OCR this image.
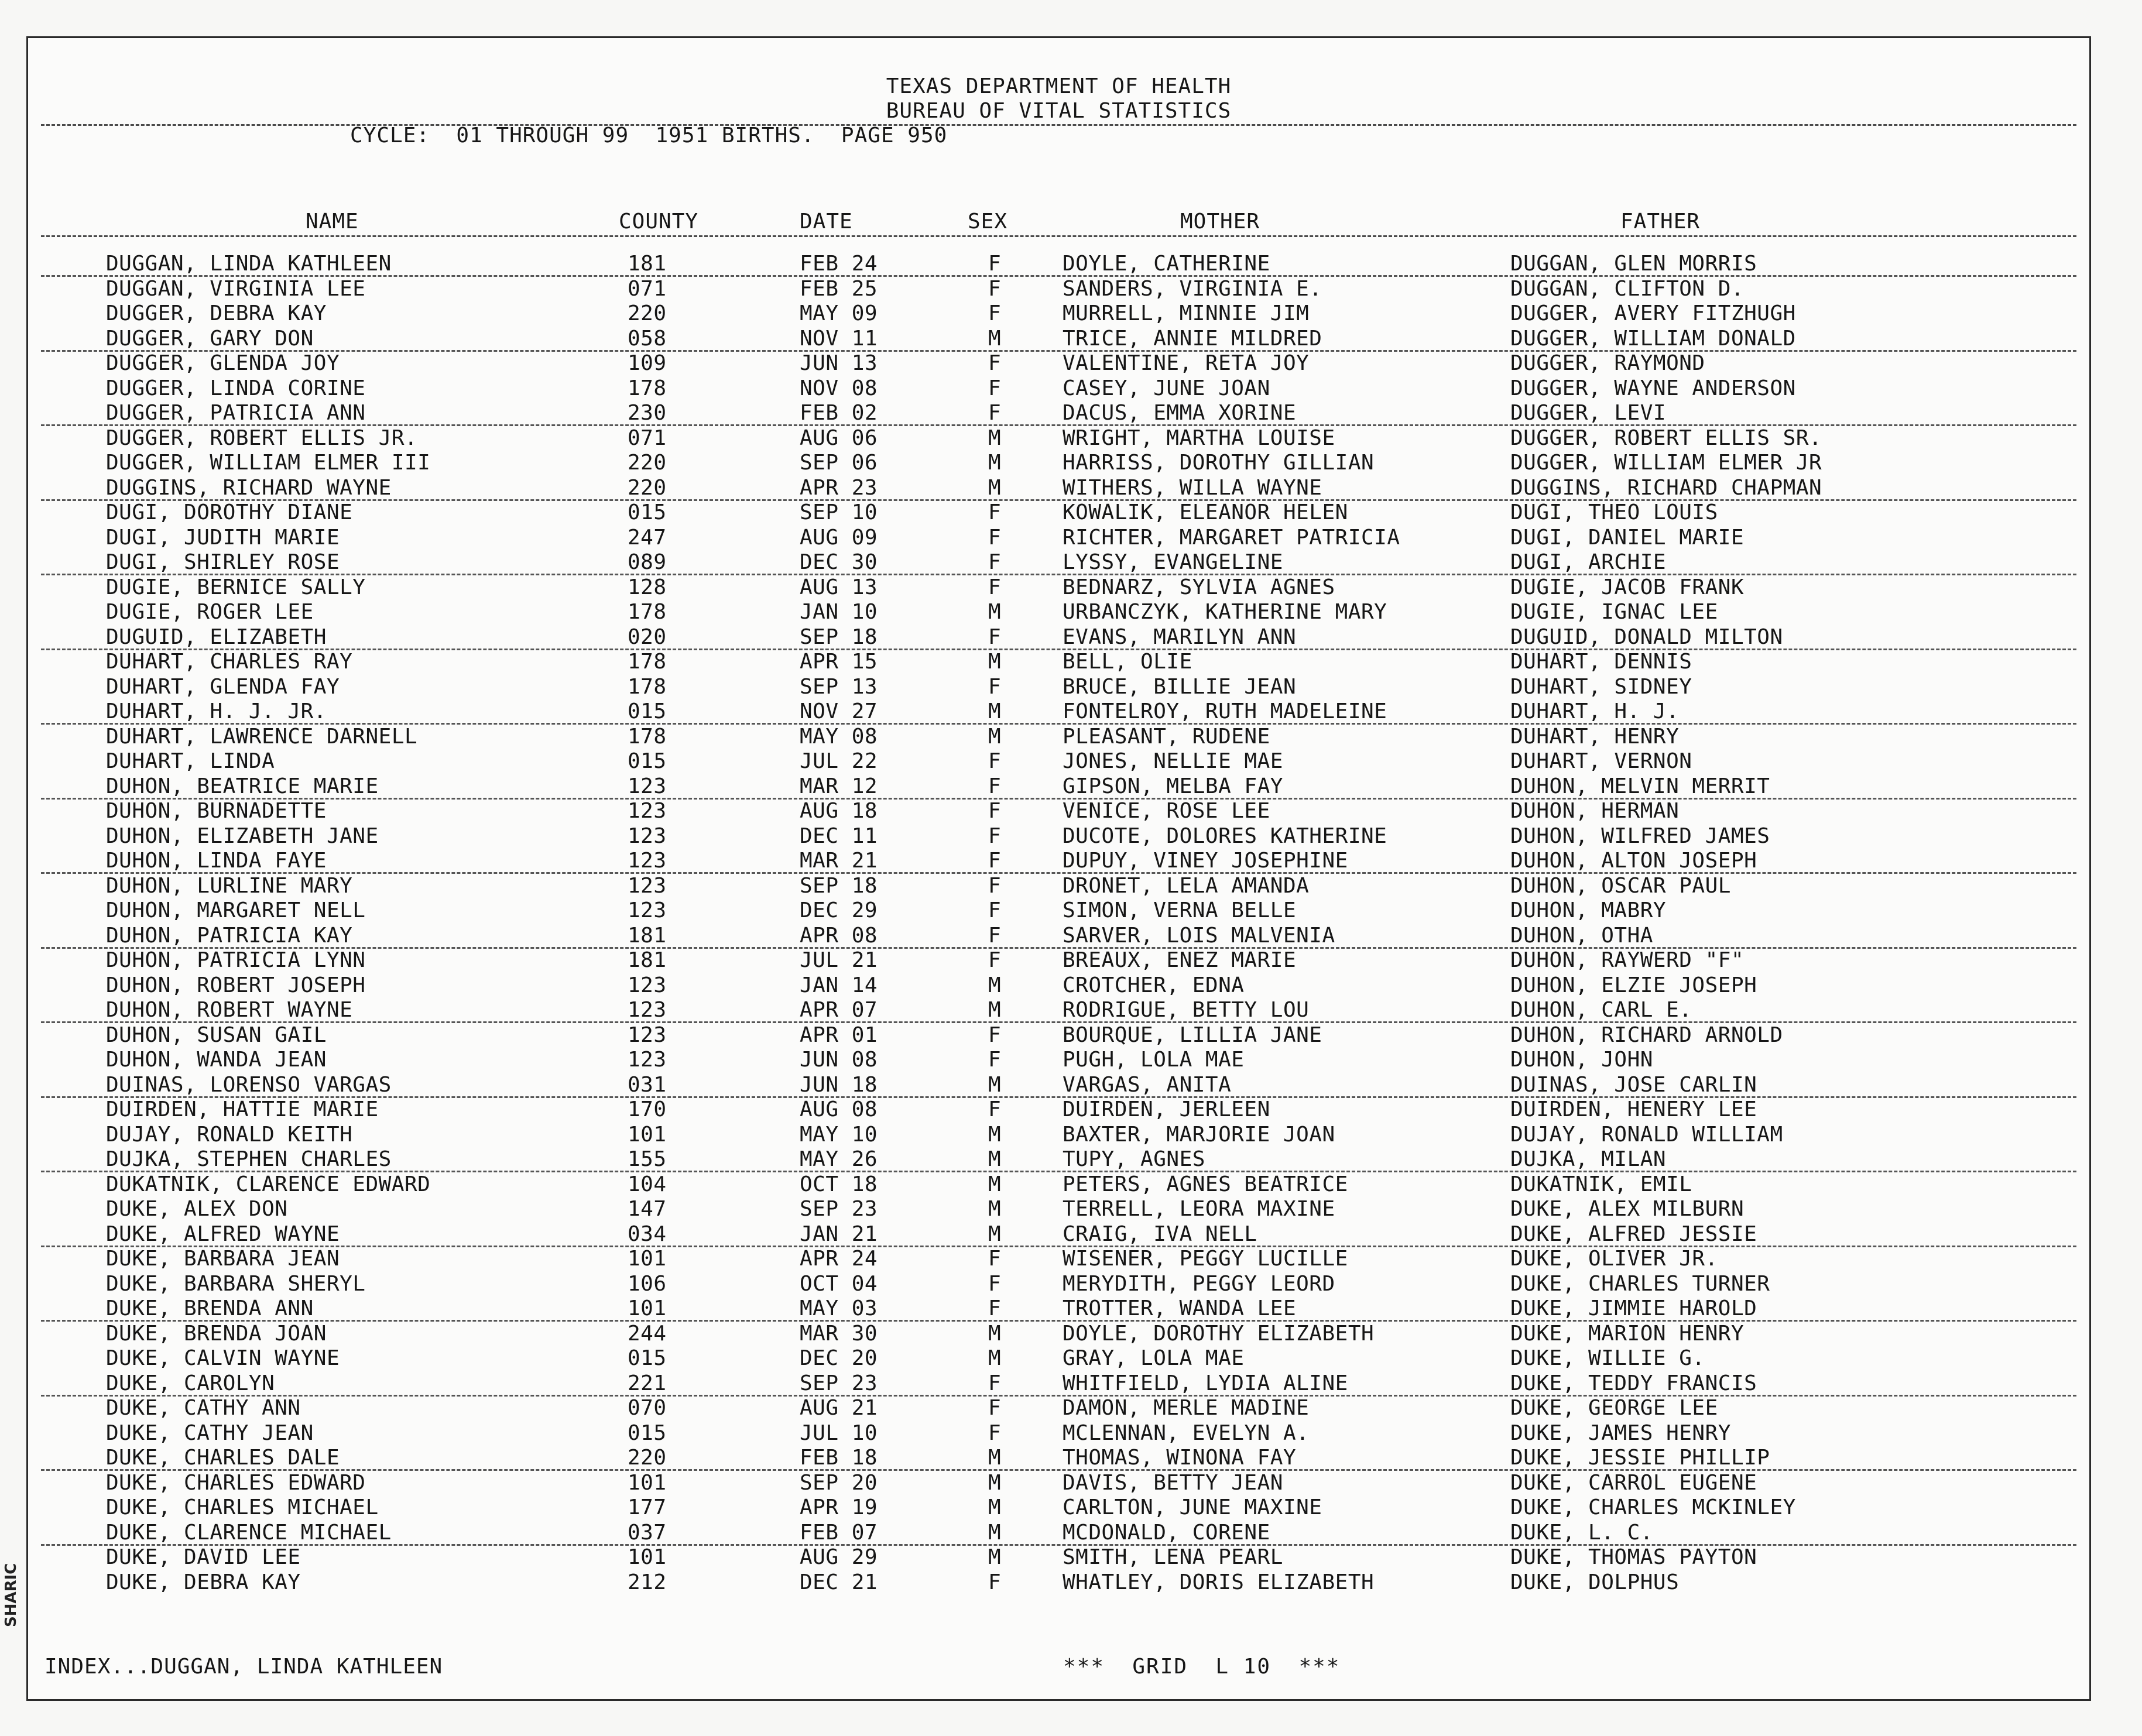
TEXAS DEPARTMENT OF HEALTH
BUREAU OF VITAL STATISTICS
CYCLE:  01 THROUGH 99  1951 BIRTHS.  PAGE 950
NAME	COUNTY	DATE	SEX	MOTHER	FATHER
DUGGAN, LINDA KATHLEEN	181	FEB 24	F	DOYLE, CATHERINE	DUGGAN, GLEN MORRIS
DUGGAN, VIRGINIA LEE	071	FEB 25	F	SANDERS, VIRGINIA E.	DUGGAN, CLIFTON D.
DUGGER, DEBRA KAY	220	MAY 09	F	MURRELL, MINNIE JIM	DUGGER, AVERY FITZHUGH
DUGGER, GARY DON	058	NOV 11	M	TRICE, ANNIE MILDRED	DUGGER, WILLIAM DONALD
DUGGER, GLENDA JOY	109	JUN 13	F	VALENTINE, RETA JOY	DUGGER, RAYMOND
DUGGER, LINDA CORINE	178	NOV 08	F	CASEY, JUNE JOAN	DUGGER, WAYNE ANDERSON
DUGGER, PATRICIA ANN	230	FEB 02	F	DACUS, EMMA XORINE	DUGGER, LEVI
DUGGER, ROBERT ELLIS JR.	071	AUG 06	M	WRIGHT, MARTHA LOUISE	DUGGER, ROBERT ELLIS SR.
DUGGER, WILLIAM ELMER III	220	SEP 06	M	HARRISS, DOROTHY GILLIAN	DUGGER, WILLIAM ELMER JR
DUGGINS, RICHARD WAYNE	220	APR 23	M	WITHERS, WILLA WAYNE	DUGGINS, RICHARD CHAPMAN
DUGI, DOROTHY DIANE	015	SEP 10	F	KOWALIK, ELEANOR HELEN	DUGI, THEO LOUIS
DUGI, JUDITH MARIE	247	AUG 09	F	RICHTER, MARGARET PATRICIA	DUGI, DANIEL MARIE
DUGI, SHIRLEY ROSE	089	DEC 30	F	LYSSY, EVANGELINE	DUGI, ARCHIE
DUGIE, BERNICE SALLY	128	AUG 13	F	BEDNARZ, SYLVIA AGNES	DUGIE, JACOB FRANK
DUGIE, ROGER LEE	178	JAN 10	M	URBANCZYK, KATHERINE MARY	DUGIE, IGNAC LEE
DUGUID, ELIZABETH	020	SEP 18	F	EVANS, MARILYN ANN	DUGUID, DONALD MILTON
DUHART, CHARLES RAY	178	APR 15	M	BELL, OLIE	DUHART, DENNIS
DUHART, GLENDA FAY	178	SEP 13	F	BRUCE, BILLIE JEAN	DUHART, SIDNEY
DUHART, H. J. JR.	015	NOV 27	M	FONTELROY, RUTH MADELEINE	DUHART, H. J.
DUHART, LAWRENCE DARNELL	178	MAY 08	M	PLEASANT, RUDENE	DUHART, HENRY
DUHART, LINDA	015	JUL 22	F	JONES, NELLIE MAE	DUHART, VERNON
DUHON, BEATRICE MARIE	123	MAR 12	F	GIPSON, MELBA FAY	DUHON, MELVIN MERRIT
DUHON, BURNADETTE	123	AUG 18	F	VENICE, ROSE LEE	DUHON, HERMAN
DUHON, ELIZABETH JANE	123	DEC 11	F	DUCOTE, DOLORES KATHERINE	DUHON, WILFRED JAMES
DUHON, LINDA FAYE	123	MAR 21	F	DUPUY, VINEY JOSEPHINE	DUHON, ALTON JOSEPH
DUHON, LURLINE MARY	123	SEP 18	F	DRONET, LELA AMANDA	DUHON, OSCAR PAUL
DUHON, MARGARET NELL	123	DEC 29	F	SIMON, VERNA BELLE	DUHON, MABRY
DUHON, PATRICIA KAY	181	APR 08	F	SARVER, LOIS MALVENIA	DUHON, OTHA
DUHON, PATRICIA LYNN	181	JUL 21	F	BREAUX, ENEZ MARIE	DUHON, RAYWERD "F"
DUHON, ROBERT JOSEPH	123	JAN 14	M	CROTCHER, EDNA	DUHON, ELZIE JOSEPH
DUHON, ROBERT WAYNE	123	APR 07	M	RODRIGUE, BETTY LOU	DUHON, CARL E.
DUHON, SUSAN GAIL	123	APR 01	F	BOURQUE, LILLIA JANE	DUHON, RICHARD ARNOLD
DUHON, WANDA JEAN	123	JUN 08	F	PUGH, LOLA MAE	DUHON, JOHN
DUINAS, LORENSO VARGAS	031	JUN 18	M	VARGAS, ANITA	DUINAS, JOSE CARLIN
DUIRDEN, HATTIE MARIE	170	AUG 08	F	DUIRDEN, JERLEEN	DUIRDEN, HENERY LEE
DUJAY, RONALD KEITH	101	MAY 10	M	BAXTER, MARJORIE JOAN	DUJAY, RONALD WILLIAM
DUJKA, STEPHEN CHARLES	155	MAY 26	M	TUPY, AGNES	DUJKA, MILAN
DUKATNIK, CLARENCE EDWARD	104	OCT 18	M	PETERS, AGNES BEATRICE	DUKATNIK, EMIL
DUKE, ALEX DON	147	SEP 23	M	TERRELL, LEORA MAXINE	DUKE, ALEX MILBURN
DUKE, ALFRED WAYNE	034	JAN 21	M	CRAIG, IVA NELL	DUKE, ALFRED JESSIE
DUKE, BARBARA JEAN	101	APR 24	F	WISENER, PEGGY LUCILLE	DUKE, OLIVER JR.
DUKE, BARBARA SHERYL	106	OCT 04	F	MERYDITH, PEGGY LEORD	DUKE, CHARLES TURNER
DUKE, BRENDA ANN	101	MAY 03	F	TROTTER, WANDA LEE	DUKE, JIMMIE HAROLD
DUKE, BRENDA JOAN	244	MAR 30	M	DOYLE, DOROTHY ELIZABETH	DUKE, MARION HENRY
DUKE, CALVIN WAYNE	015	DEC 20	M	GRAY, LOLA MAE	DUKE, WILLIE G.
DUKE, CAROLYN	221	SEP 23	F	WHITFIELD, LYDIA ALINE	DUKE, TEDDY FRANCIS
DUKE, CATHY ANN	070	AUG 21	F	DAMON, MERLE MADINE	DUKE, GEORGE LEE
DUKE, CATHY JEAN	015	JUL 10	F	MCLENNAN, EVELYN A.	DUKE, JAMES HENRY
DUKE, CHARLES DALE	220	FEB 18	M	THOMAS, WINONA FAY	DUKE, JESSIE PHILLIP
DUKE, CHARLES EDWARD	101	SEP 20	M	DAVIS, BETTY JEAN	DUKE, CARROL EUGENE
DUKE, CHARLES MICHAEL	177	APR 19	M	CARLTON, JUNE MAXINE	DUKE, CHARLES MCKINLEY
DUKE, CLARENCE MICHAEL	037	FEB 07	M	MCDONALD, CORENE	DUKE, L. C.
DUKE, DAVID LEE	101	AUG 29	M	SMITH, LENA PEARL	DUKE, THOMAS PAYTON
DUKE, DEBRA KAY	212	DEC 21	F	WHATLEY, DORIS ELIZABETH	DUKE, DOLPHUS
INDEX...DUGGAN, LINDA KATHLEEN	***  GRID  L 10  ***
SHARIC
